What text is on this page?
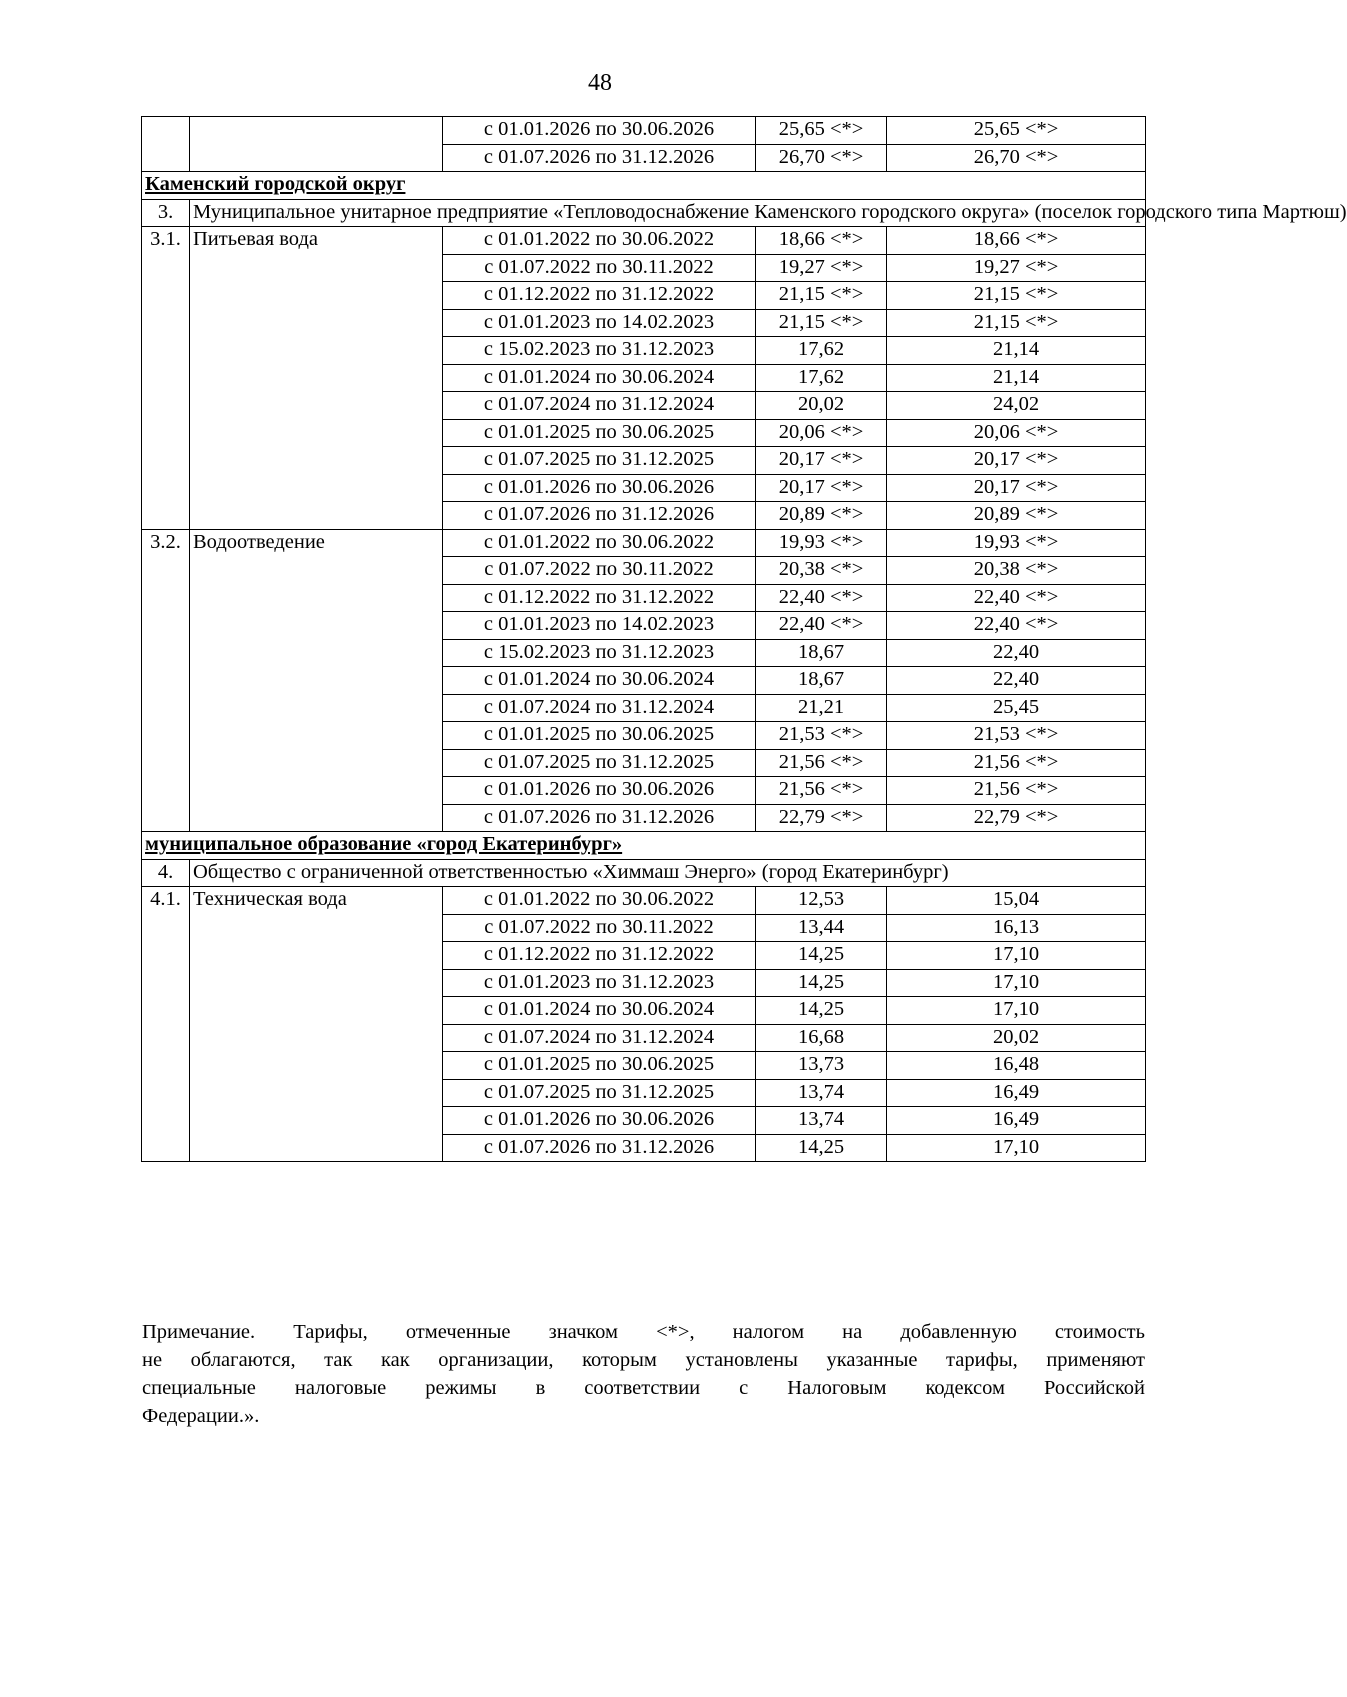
48
		с 01.01.2026 по 30.06.2026	25,65 <*>	25,65 <*>
		с 01.07.2026 по 31.12.2026	26,70 <*>	26,70 <*>
Каменский городской округ				
3.	Муниципальное унитарное предприятие «Тепловодоснабжение Каменского городского округа» (поселок городского типа Мартюш)			
3.1.	Питьевая вода	с 01.01.2022 по 30.06.2022	18,66 <*>	18,66 <*>
		с 01.07.2022 по 30.11.2022	19,27 <*>	19,27 <*>
		с 01.12.2022 по 31.12.2022	21,15 <*>	21,15 <*>
		с 01.01.2023 по 14.02.2023	21,15 <*>	21,15 <*>
		с 15.02.2023 по 31.12.2023	17,62	21,14
		с 01.01.2024 по 30.06.2024	17,62	21,14
		с 01.07.2024 по 31.12.2024	20,02	24,02
		с 01.01.2025 по 30.06.2025	20,06 <*>	20,06 <*>
		с 01.07.2025 по 31.12.2025	20,17 <*>	20,17 <*>
		с 01.01.2026 по 30.06.2026	20,17 <*>	20,17 <*>
		с 01.07.2026 по 31.12.2026	20,89 <*>	20,89 <*>
3.2.	Водоотведение	с 01.01.2022 по 30.06.2022	19,93 <*>	19,93 <*>
		с 01.07.2022 по 30.11.2022	20,38 <*>	20,38 <*>
		с 01.12.2022 по 31.12.2022	22,40 <*>	22,40 <*>
		с 01.01.2023 по 14.02.2023	22,40 <*>	22,40 <*>
		с 15.02.2023 по 31.12.2023	18,67	22,40
		с 01.01.2024 по 30.06.2024	18,67	22,40
		с 01.07.2024 по 31.12.2024	21,21	25,45
		с 01.01.2025 по 30.06.2025	21,53 <*>	21,53 <*>
		с 01.07.2025 по 31.12.2025	21,56 <*>	21,56 <*>
		с 01.01.2026 по 30.06.2026	21,56 <*>	21,56 <*>
		с 01.07.2026 по 31.12.2026	22,79 <*>	22,79 <*>
муниципальное образование «город Екатеринбург»				
4.	Общество с ограниченной ответственностью «Химмаш Энерго» (город Екатеринбург)			
4.1.	Техническая вода	с 01.01.2022 по 30.06.2022	12,53	15,04
		с 01.07.2022 по 30.11.2022	13,44	16,13
		с 01.12.2022 по 31.12.2022	14,25	17,10
		с 01.01.2023 по 31.12.2023	14,25	17,10
		с 01.01.2024 по 30.06.2024	14,25	17,10
		с 01.07.2024 по 31.12.2024	16,68	20,02
		с 01.01.2025 по 30.06.2025	13,73	16,48
		с 01.07.2025 по 31.12.2025	13,74	16,49
		с 01.01.2026 по 30.06.2026	13,74	16,49
		с 01.07.2026 по 31.12.2026	14,25	17,10
Примечание. Тарифы, отмеченные значком <*>, налогом на добавленную стоимость
не облагаются, так как организации, которым установлены указанные тарифы, применяют
специальные налоговые режимы в соответствии с Налоговым кодексом Российской
Федерации.».
